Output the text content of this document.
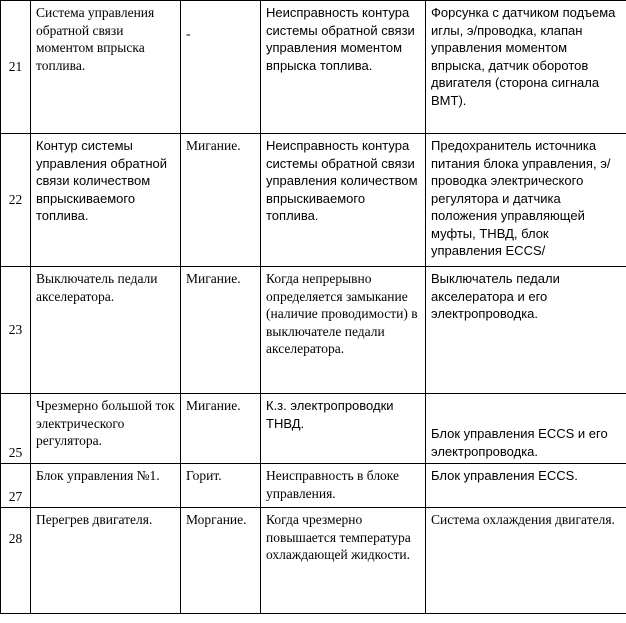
21	Система управления обратной связи моментом впрыска топлива.	-	Неисправность контура системы обратной связи управления моментом впрыска топлива.	Форсунка с датчиком подъема иглы, э/проводка, клапан управления моментом впрыска, датчик оборотов двигателя (сторона сигнала ВМТ).
22	Контур системы управления обратной связи количеством впрыскиваемого топлива.	Мигание.	Неисправность контура системы обратной связи управления количеством впрыскиваемого топлива.	Предохранитель источника питания блока управления, э/проводка электрического регулятора и датчика положения управляющей муфты, ТНВД, блок управления ECCS/
23	Выключатель педали акселератора.	Мигание.	Когда непрерывно определяется замыкание (наличие проводимости) в выключателе педали акселератора.	Выключатель педали акселератора и его электропроводка.
25	Чрезмерно большой ток электрического регулятора.	Мигание.	К.з. электропроводки ТНВД.	Блок управления ECCS и его электропроводка.
27	Блок управления №1.	Горит.	Неисправность в блоке управления.	Блок управления ECCS.
28	Перегрев двигателя.	Моргание.	Когда чрезмерно повышается температура охлаждающей жидкости.	Система охлаждения двигателя.
